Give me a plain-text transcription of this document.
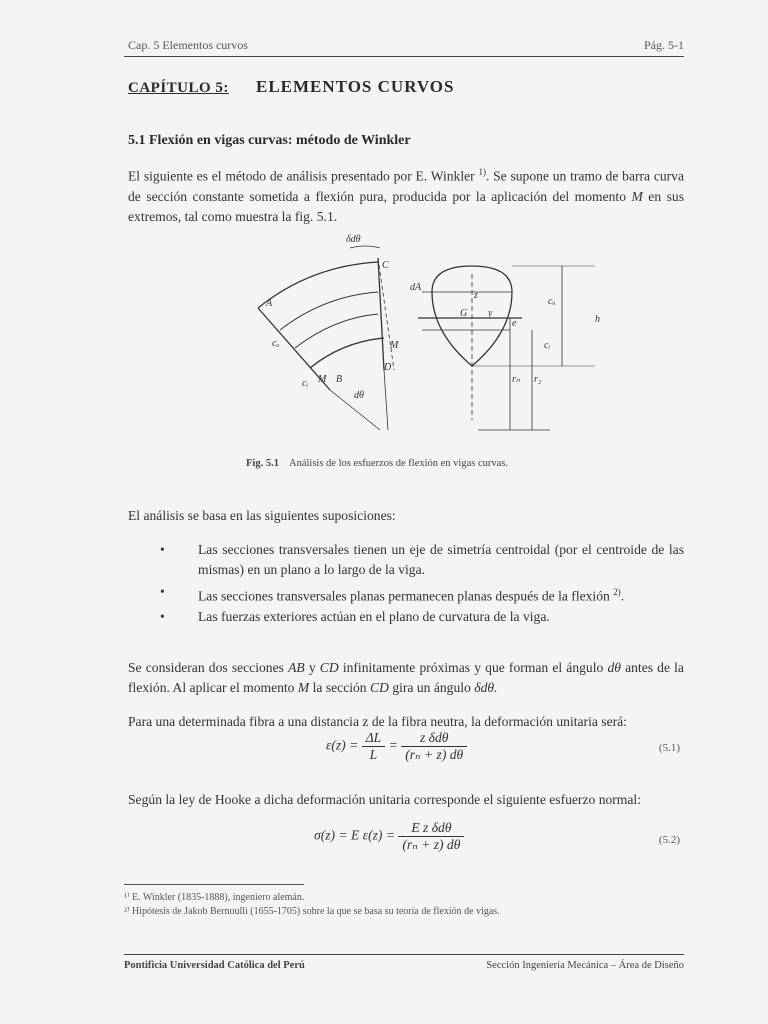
Cap. 5 Elementos curvos	Pág. 5-1
CAPÍTULO 5: ELEMENTOS CURVOS
5.1 Flexión en vigas curvas: método de Winkler
El siguiente es el método de análisis presentado por E. Winkler $^{1)}$. Se supone un tramo de barra curva de sección constante sometida a flexión pura, producida por la aplicación del momento M en sus extremos, tal como muestra la fig. 5.1.
δdθ
C
A
M
D
B
M
dθ
cₒ
cᵢ
dA
z
G y
e
cₒ
h
cᵢ
rₙ r₂
Fig. 5.1 Análisis de los esfuerzos de flexión en vigas curvas.
El análisis se basa en las siguientes suposiciones:
• Las secciones transversales tienen un eje de simetría centroidal (por el centroide de las mismas) en un plano a lo largo de la viga.
• Las secciones transversales planas permanecen planas después de la flexión $^{2)}$.
• Las fuerzas exteriores actúan en el plano de curvatura de la viga.
Se consideran dos secciones AB y CD infinitamente próximas y que forman el ángulo dθ antes de la flexión. Al aplicar el momento M la sección CD gira un ángulo δdθ.
Para una determinada fibra a una distancia z de la fibra neutra, la deformación unitaria será:
$\varepsilon(z) = \frac{\Delta L}{L} = \frac{\text{z δdθ}}{\text{(rₙ + z) dθ}}$	(5.1)
Según la ley de Hooke a dicha deformación unitaria corresponde el siguiente esfuerzo normal:
σ(z) = E $\varepsilon(z) = \frac{\text{E z δdθ}}{\text{(rₙ + z) dθ}}$	(5.2)
¹⁾ E. Winkler (1835-1888), ingeniero alemán.
²⁾ Hipótesis de Jakob Bernoulli (1655-1705) sobre la que se basa su teoría de flexión de vigas.
Pontificia Universidad Católica del Perú	Sección Ingeniería Mecánica – Área de Diseño
